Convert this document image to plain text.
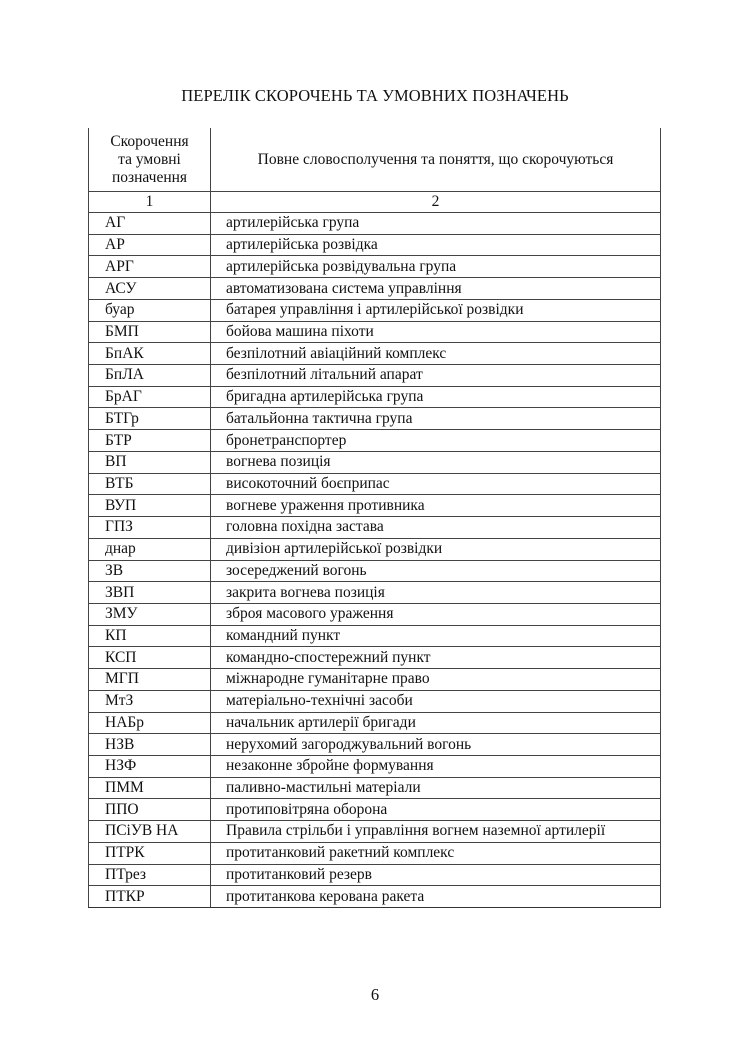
ПЕРЕЛІК СКОРОЧЕНЬ ТА УМОВНИХ ПОЗНАЧЕНЬ
Скорочення
та умовні
позначення	Повне словосполучення та поняття, що скорочуються
1	2
АГ	артилерійська група
АР	артилерійська розвідка
АРГ	артилерійська розвідувальна група
АСУ	автоматизована система управління
буар	батарея управління і артилерійської розвідки
БМП	бойова машина піхоти
БпАК	безпілотний авіаційний комплекс
БпЛА	безпілотний літальний апарат
БрАГ	бригадна артилерійська група
БТГр	батальйонна тактична група
БТР	бронетранспортер
ВП	вогнева позиція
ВТБ	високоточний боєприпас
ВУП	вогневе ураження противника
ГПЗ	головна похідна застава
днар	дивізіон артилерійської розвідки
ЗВ	зосереджений вогонь
ЗВП	закрита вогнева позиція
ЗМУ	зброя масового ураження
КП	командний пункт
КСП	командно-спостережний пункт
МГП	міжнародне гуманітарне право
МтЗ	матеріально-технічні засоби
НАБр	начальник артилерії бригади
НЗВ	нерухомий загороджувальний вогонь
НЗФ	незаконне збройне формування
ПММ	паливно-мастильні матеріали
ППО	протиповітряна оборона
ПСіУВ НА	Правила стрільби і управління вогнем наземної артилерії
ПТРК	протитанковий ракетний комплекс
ПТрез	протитанковий резерв
ПТКР	протитанкова керована ракета
6
